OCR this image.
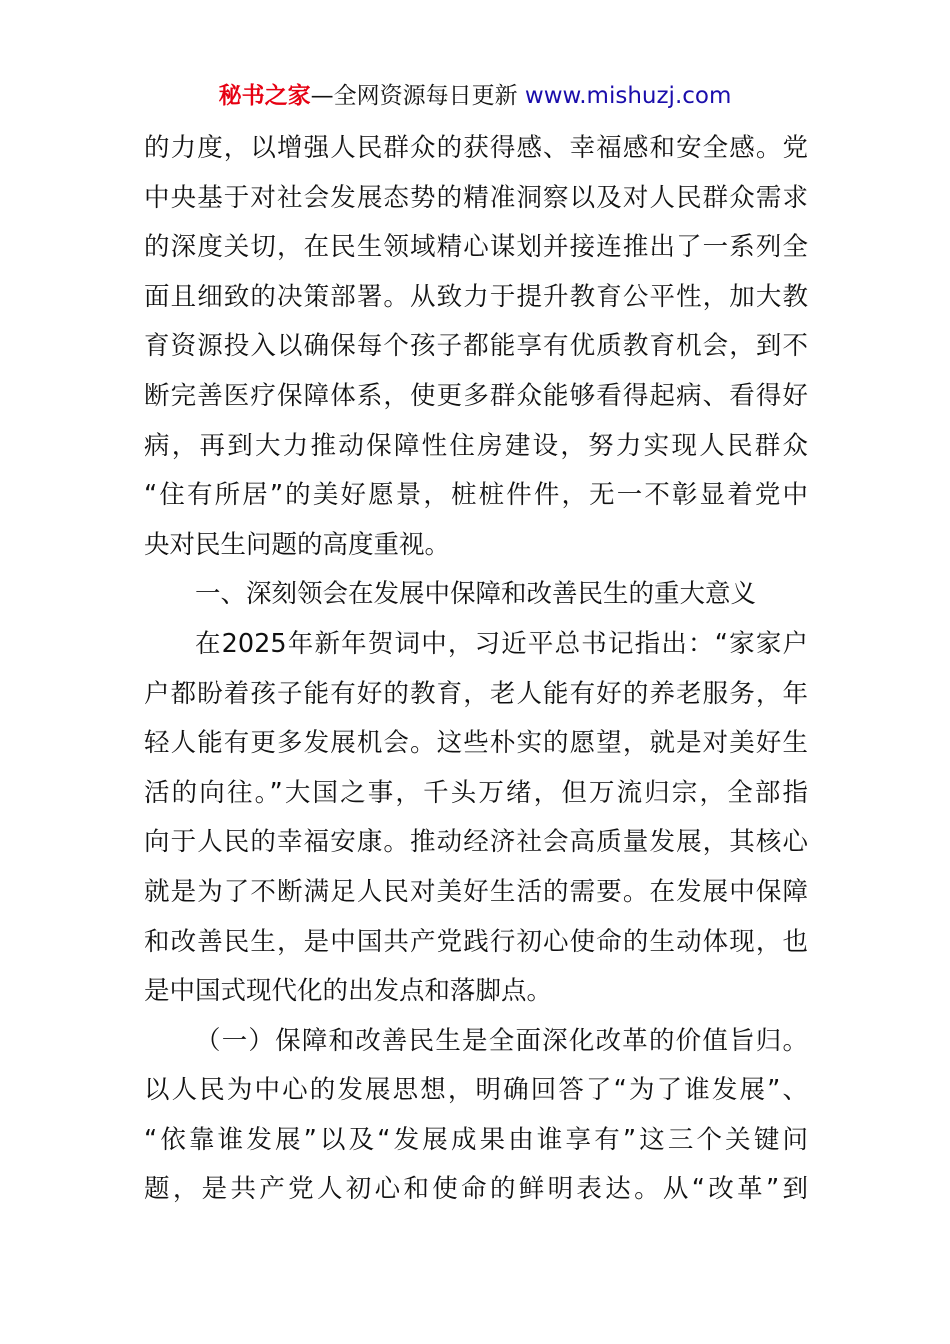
秘书之家—全网资源每日更新 www.mishuzj.com
的力度，以增强人民群众的获得感、幸福感和安全感。党
中央基于对社会发展态势的精准洞察以及对人民群众需求
的深度关切，在民生领域精心谋划并接连推出了一系列全
面且细致的决策部署。从致力于提升教育公平性，加大教
育资源投入以确保每个孩子都能享有优质教育机会，到不
断完善医疗保障体系，使更多群众能够看得起病、看得好
病，再到大力推动保障性住房建设，努力实现人民群众
“住有所居”的美好愿景，桩桩件件，无一不彰显着党中
央对民生问题的高度重视。
一、深刻领会在发展中保障和改善民生的重大意义
在2025年新年贺词中，习近平总书记指出：“家家户
户都盼着孩子能有好的教育，老人能有好的养老服务，年
轻人能有更多发展机会。这些朴实的愿望，就是对美好生
活的向往。”大国之事，千头万绪，但万流归宗，全部指
向于人民的幸福安康。推动经济社会高质量发展，其核心
就是为了不断满足人民对美好生活的需要。在发展中保障
和改善民生，是中国共产党践行初心使命的生动体现，也
是中国式现代化的出发点和落脚点。
（一）保障和改善民生是全面深化改革的价值旨归。
以人民为中心的发展思想，明确回答了“为了谁发展”、
“依靠谁发展”以及“发展成果由谁享有”这三个关键问
题，是共产党人初心和使命的鲜明表达。从“改革”到
